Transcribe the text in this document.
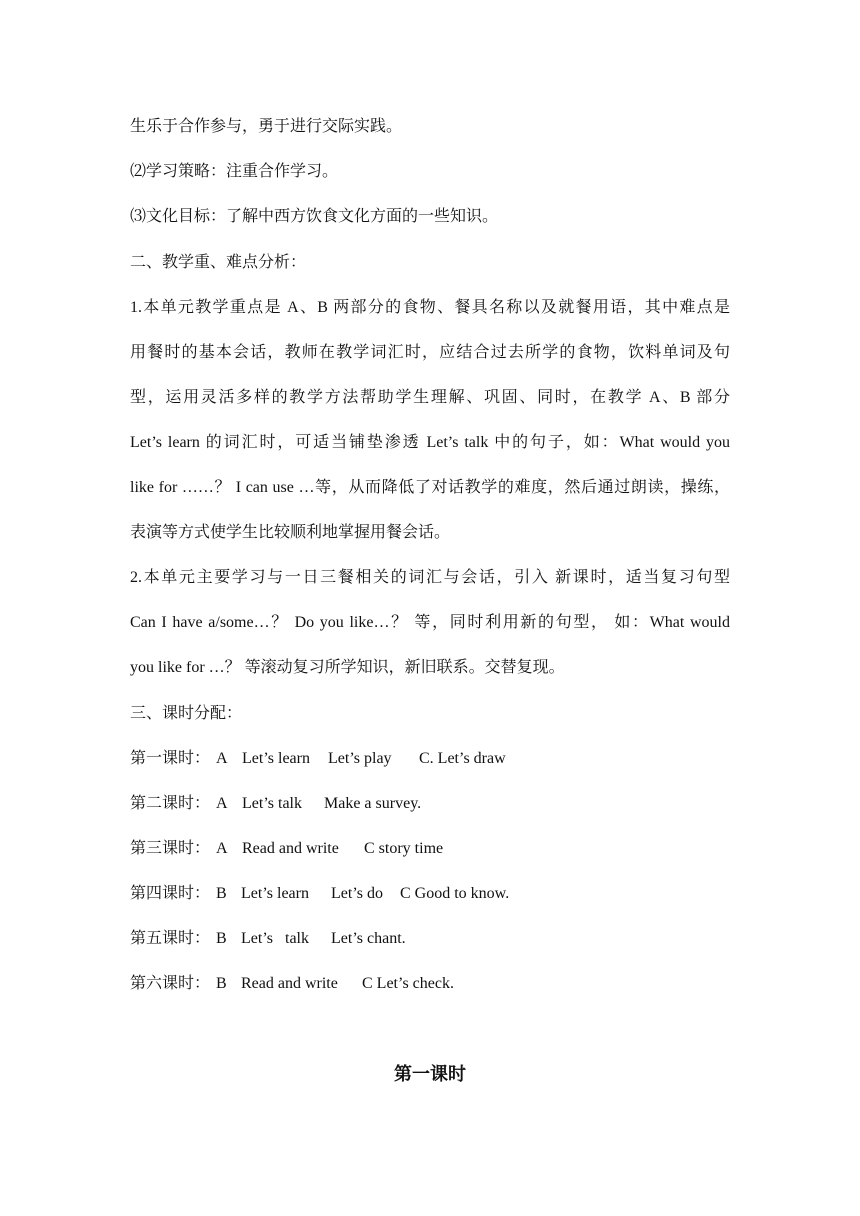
生乐于合作参与，勇于进行交际实践。
⑵学习策略：注重合作学习。
⑶文化目标：了解中西方饮食文化方面的一些知识。
二、教学重、难点分析：
1.本单元教学重点是 A、B 两部分的食物、餐具名称以及就餐用语，其中难点是
用餐时的基本会话，教师在教学词汇时，应结合过去所学的食物，饮料单词及句
型，运用灵活多样的教学方法帮助学生理解、巩固、同时，在教学 A、B 部分
Let’s learn 的词汇时，可适当铺垫渗透 Let’s talk 中的句子，如：What would you
like for ……？ I can use …等，从而降低了对话教学的难度，然后通过朗读，操练，
表演等方式使学生比较顺利地掌握用餐会话。
2.本单元主要学习与一日三餐相关的词汇与会话，引入 新课时，适当复习句型
Can I have a/some…？ Do you like…？ 等，同时利用新的句型， 如：What would
you like for …？ 等滚动复习所学知识，新旧联系。交替复现。
三、课时分配：
第一课时： A Let’s learn Let’s play C. Let’s draw
第二课时： A Let’s talk Make a survey.
第三课时： A Read and write C story time
第四课时： B Let’s learn Let’s do C Good to know.
第五课时： B Let’s   talk Let’s chant.
第六课时： B Read and write C Let’s check.
第一课时
